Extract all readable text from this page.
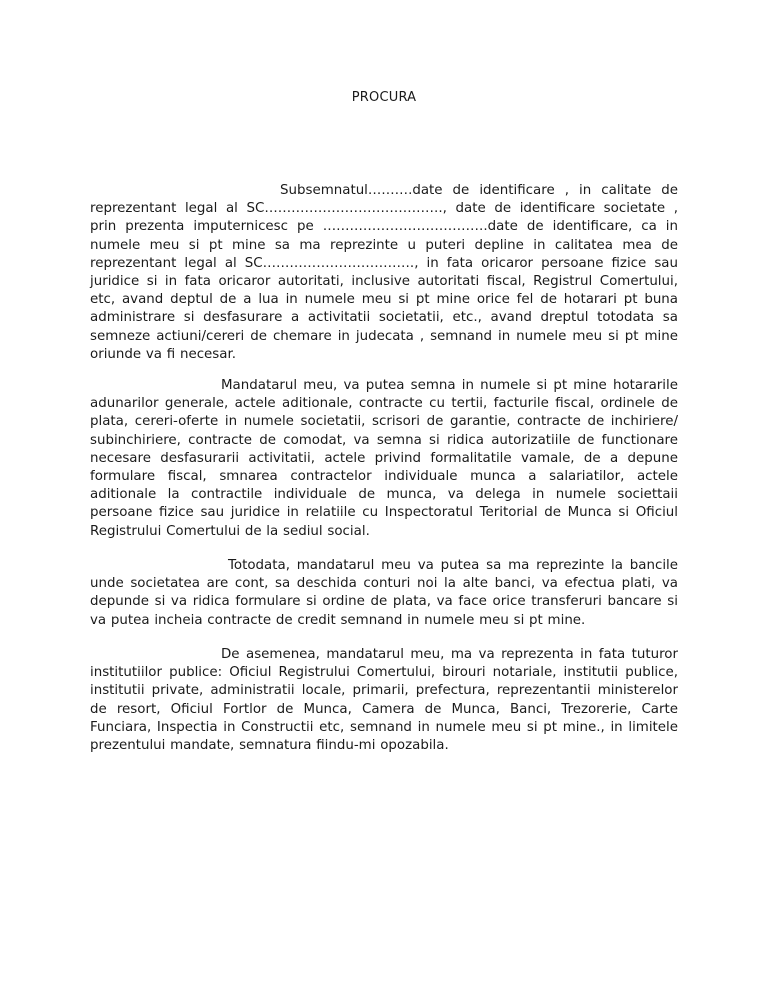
PROCURA

Subsemnatul……….date de identificare , in calitate de reprezentant legal al SC…………………………………., date de identificare societate , prin prezenta imputernicesc pe ……………………………….date de identificare, ca in numele meu si pt mine sa ma reprezinte u puteri depline in calitatea mea de reprezentant legal al SC……………………………., in fata oricaror persoane fizice sau juridice si in fata oricaror autoritati, inclusive autoritati fiscal, Registrul Comertului, etc, avand deptul de a lua in numele meu si pt mine orice fel de hotarari pt buna administrare si desfasurare a activitatii societatii, etc., avand dreptul totodata sa semneze actiuni/cereri de chemare in judecata , semnand in numele meu si pt mine oriunde va fi necesar.

Mandatarul meu, va putea semna in numele si pt mine hotararile adunarilor generale, actele aditionale, contracte cu tertii, facturile fiscal, ordinele de plata, cereri-oferte in numele societatii, scrisori de garantie, contracte de inchiriere/ subinchiriere, contracte de comodat, va semna si ridica autorizatiile de functionare necesare desfasurarii activitatii, actele privind formalitatile vamale, de a depune formulare fiscal, smnarea contractelor individuale munca a salariatilor, actele aditionale la contractile individuale de munca, va delega in numele societtaii persoane fizice sau juridice in relatiile cu Inspectoratul Teritorial de Munca si Oficiul Registrului Comertului de la sediul social.

Totodata, mandatarul meu va putea sa ma reprezinte la bancile unde societatea are cont, sa deschida conturi noi la alte banci, va efectua plati, va depunde si va ridica formulare si ordine de plata, va face orice transferuri bancare si va putea incheia contracte de credit semnand in numele meu si pt mine.

De asemenea, mandatarul meu, ma va reprezenta in fata tuturor institutiilor publice: Oficiul Registrului Comertului, birouri notariale, institutii publice, institutii private, administratii locale, primarii, prefectura, reprezentantii ministerelor de resort, Oficiul Fortlor de Munca, Camera de Munca, Banci, Trezorerie, Carte Funciara, Inspectia in Constructii etc, semnand in numele meu si pt mine., in limitele prezentului mandate, semnatura fiindu-mi opozabila.
